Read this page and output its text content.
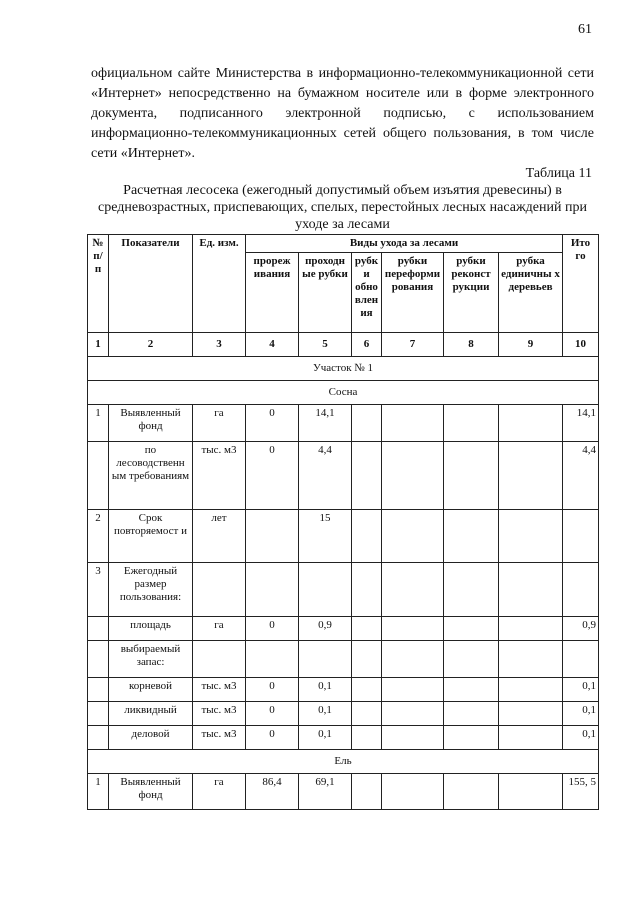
61

официальном сайте Министерства в информационно-телекоммуникационной сети «Интернет» непосредственно на бумажном носителе или в форме электронного документа, подписанного электронной подписью, с использованием информационно-телекоммуникационных сетей общего пользования, в том числе сети «Интернет».

Таблица 11

Расчетная лесосека (ежегодный допустимый объем изъятия древесины) в средневозрастных, приспевающих, спелых, перестойных лесных насаждений при уходе за лесами

№ п/ п	Показатели	Ед. изм.	Виды ухода за лесами						Ито го
			прореж ивания	проходн ые рубки	рубк и обно влен ия	рубки переформи рования	рубки реконст рукции	рубка единичны х деревьев	
1	2	3	4	5	6	7	8	9	10
Участок № 1									
Сосна									
1	Выявленный фонд	га	0	14,1					14,1
	по лесоводственн ым требованиям	тыс. м3	0	4,4					4,4
2	Срок повторяемост и	лет		15					
3	Ежегодный размер пользования:								
	площадь	га	0	0,9					0,9
	выбираемый запас:								
	корневой	тыс. м3	0	0,1					0,1
	ликвидный	тыс. м3	0	0,1					0,1
	деловой	тыс. м3	0	0,1					0,1
Ель									
1	Выявленный фонд	га	86,4	69,1					155, 5
